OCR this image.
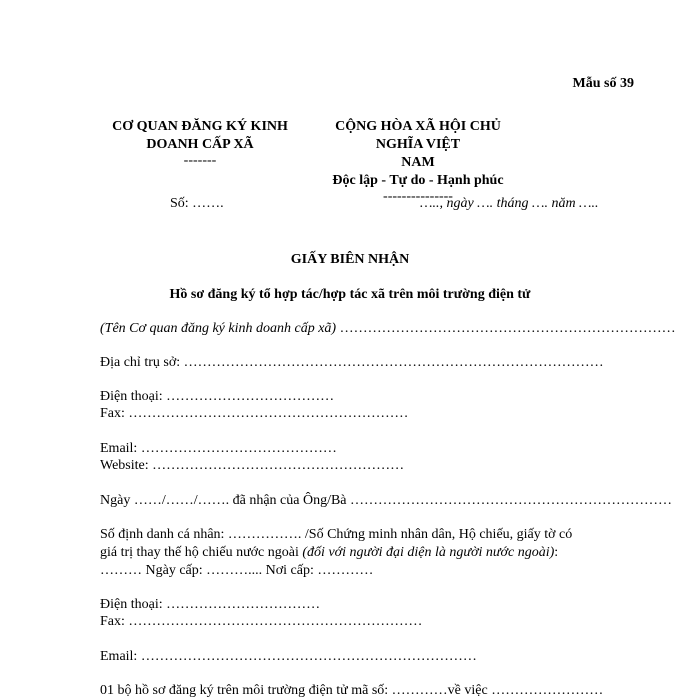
Mẫu số 39
CƠ QUAN ĐĂNG KÝ KINH
DOANH CẤP XÃ
-------
CỘNG HÒA XÃ HỘI CHỦ NGHĨA VIỆT
NAM
Độc lập - Tự do - Hạnh phúc
---------------
Số: …….	….., ngày …. tháng …. năm …..
GIẤY BIÊN NHẬN
Hồ sơ đăng ký tổ hợp tác/hợp tác xã trên môi trường điện tử
(Tên Cơ quan đăng ký kinh doanh cấp xã) ………………………………………………………………
Địa chỉ trụ sở: ………………………………………………………………………………
Điện thoại: ………………………………
Fax: ……………………………………………………
Email: ……………………………………
Website: ………………………………………………
Ngày ……/……/……. đã nhận của Ông/Bà ……………………………………………………………
Số định danh cá nhân: ……………. /Số Chứng minh nhân dân, Hộ chiếu, giấy tờ có
giá trị thay thế hộ chiếu nước ngoài (đối với người đại diện là người nước ngoài):
……… Ngày cấp: ……….... Nơi cấp: …………
Điện thoại: ……………………………
Fax: ………………………………………………………
Email: ………………………………………………………………
01 bộ hồ sơ đăng ký trên môi trường điện tử mã số: …………về việc ……………………
